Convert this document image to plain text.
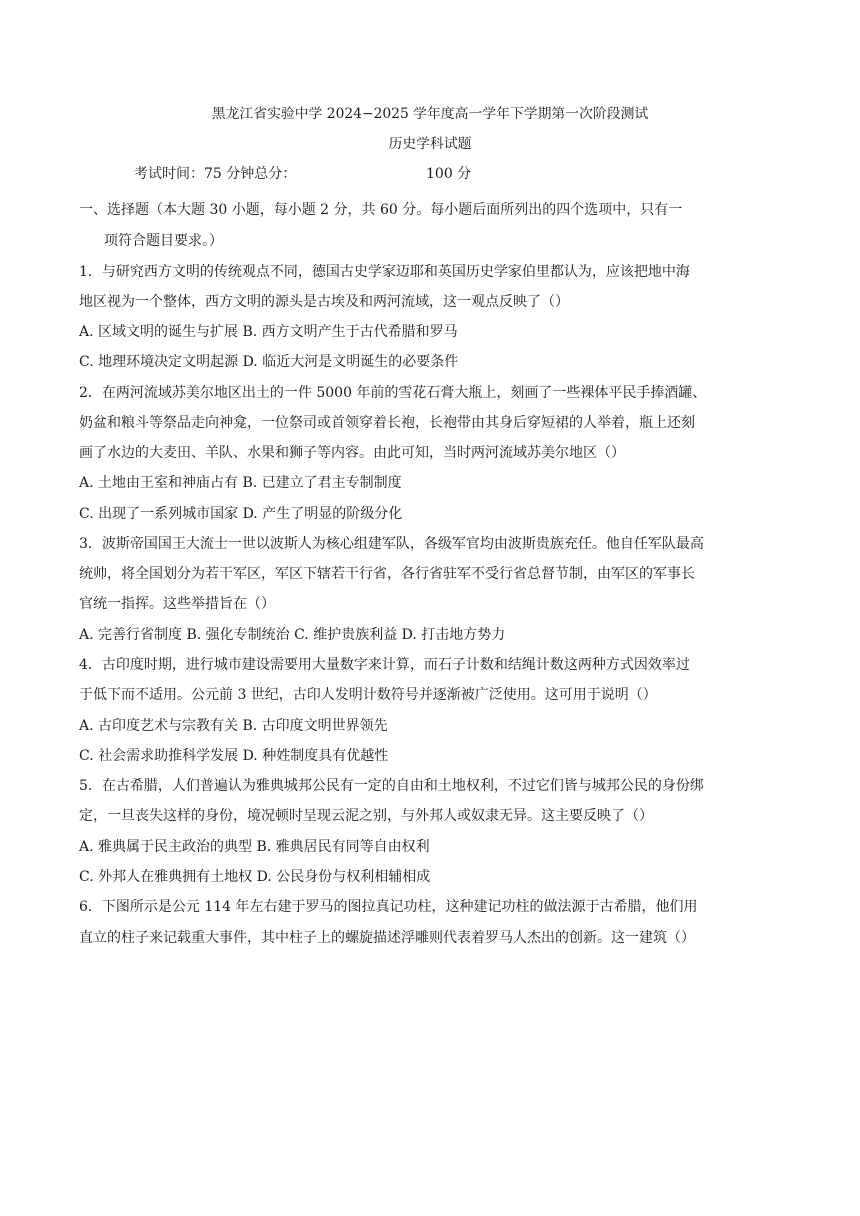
黑龙江省实验中学 2024−2025 学年度高一学年下学期第一次阶段测试
历史学科试题
考试时间：75 分钟总分：	100 分
一、选择题（本大题 30 小题，每小题 2 分，共 60 分。每小题后面所列出的四个选项中，只有一
项符合题目要求。）
1．与研究西方文明的传统观点不同，德国古史学家迈耶和英国历史学家伯里都认为，应该把地中海
地区视为一个整体，西方文明的源头是古埃及和两河流域，这一观点反映了（）
A. 区域文明的诞生与扩展 B. 西方文明产生于古代希腊和罗马
C. 地理环境决定文明起源 D. 临近大河是文明诞生的必要条件
2．在两河流域苏美尔地区出土的一件 5000 年前的雪花石膏大瓶上，刻画了一些裸体平民手捧酒罐、
奶盆和粮斗等祭品走向神龛，一位祭司或首领穿着长袍，长袍带由其身后穿短裙的人举着，瓶上还刻
画了水边的大麦田、羊队、水果和狮子等内容。由此可知，当时两河流域苏美尔地区（）
A. 土地由王室和神庙占有 B. 已建立了君主专制制度
C. 出现了一系列城市国家 D. 产生了明显的阶级分化
3．波斯帝国国王大流士一世以波斯人为核心组建军队，各级军官均由波斯贵族充任。他自任军队最高
统帅，将全国划分为若干军区，军区下辖若干行省，各行省驻军不受行省总督节制，由军区的军事长
官统一指挥。这些举措旨在（）
A. 完善行省制度 B. 强化专制统治 C. 维护贵族利益 D. 打击地方势力
4．古印度时期，进行城市建设需要用大量数字来计算，而石子计数和结绳计数这两种方式因效率过
于低下而不适用。公元前 3 世纪，古印人发明计数符号并逐渐被广泛使用。这可用于说明（）
A. 古印度艺术与宗教有关 B. 古印度文明世界领先
C. 社会需求助推科学发展 D. 种姓制度具有优越性
5．在古希腊，人们普遍认为雅典城邦公民有一定的自由和土地权利，不过它们皆与城邦公民的身份绑
定，一旦丧失这样的身份，境况顿时呈现云泥之别，与外邦人或奴隶无异。这主要反映了（）
A. 雅典属于民主政治的典型 B. 雅典居民有同等自由权利
C. 外邦人在雅典拥有土地权 D. 公民身份与权利相辅相成
6．下图所示是公元 114 年左右建于罗马的图拉真记功柱，这种建记功柱的做法源于古希腊，他们用
直立的柱子来记载重大事件，其中柱子上的螺旋描述浮雕则代表着罗马人杰出的创新。这一建筑（）
